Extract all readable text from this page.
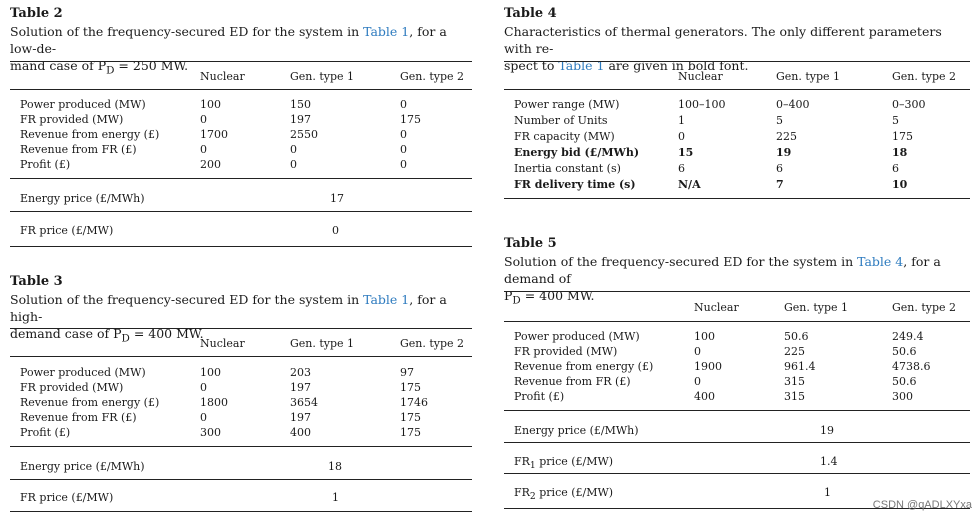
Table 2
Solution of the frequency-secured ED for the system in Table 1, for a low-de-
mand case of $P_D = 250$ MW.
Nuclear	Gen. type 1	Gen. type 2
Power produced (MW)	100	150	0
FR provided (MW)	0	197	175
Revenue from energy (£)	1700	2550	0
Revenue from FR (£)	0	0	0
Profit (£)	200	0	0
Energy price (£/MWh)	17
FR price (£/MW)	0
Table 3
Solution of the frequency-secured ED for the system in Table 1, for a high-
demand case of $P_D = 400$ MW.
Nuclear	Gen. type 1	Gen. type 2
Power produced (MW)	100	203	97
FR provided (MW)	0	197	175
Revenue from energy (£)	1800	3654	1746
Revenue from FR (£)	0	197	175
Profit (£)	300	400	175
Energy price (£/MWh)	18
FR price (£/MW)	1
Table 4
Characteristics of thermal generators. The only different parameters with re-
spect to Table 1 are given in bold font.
Nuclear	Gen. type 1	Gen. type 2
Power range (MW)	100–100	0–400	0–300
Number of Units	1	5	5
FR capacity (MW)	0	225	175
Energy bid (£/MWh)	15	19	18
Inertia constant (s)	6	6	6
FR delivery time (s)	N/A	7	10
Table 5
Solution of the frequency-secured ED for the system in Table 4, for a demand of
$P_D = 400$ MW.
Nuclear	Gen. type 1	Gen. type 2
Power produced (MW)	100	50.6	249.4
FR provided (MW)	0	225	50.6
Revenue from energy (£)	1900	961.4	4738.6
Revenue from FR (£)	0	315	50.6
Profit (£)	400	315	300
Energy price (£/MWh)	19
$FR_1$ price (£/MW)	1.4
$FR_2$ price (£/MW)	1
CSDN @qADLXYxa
